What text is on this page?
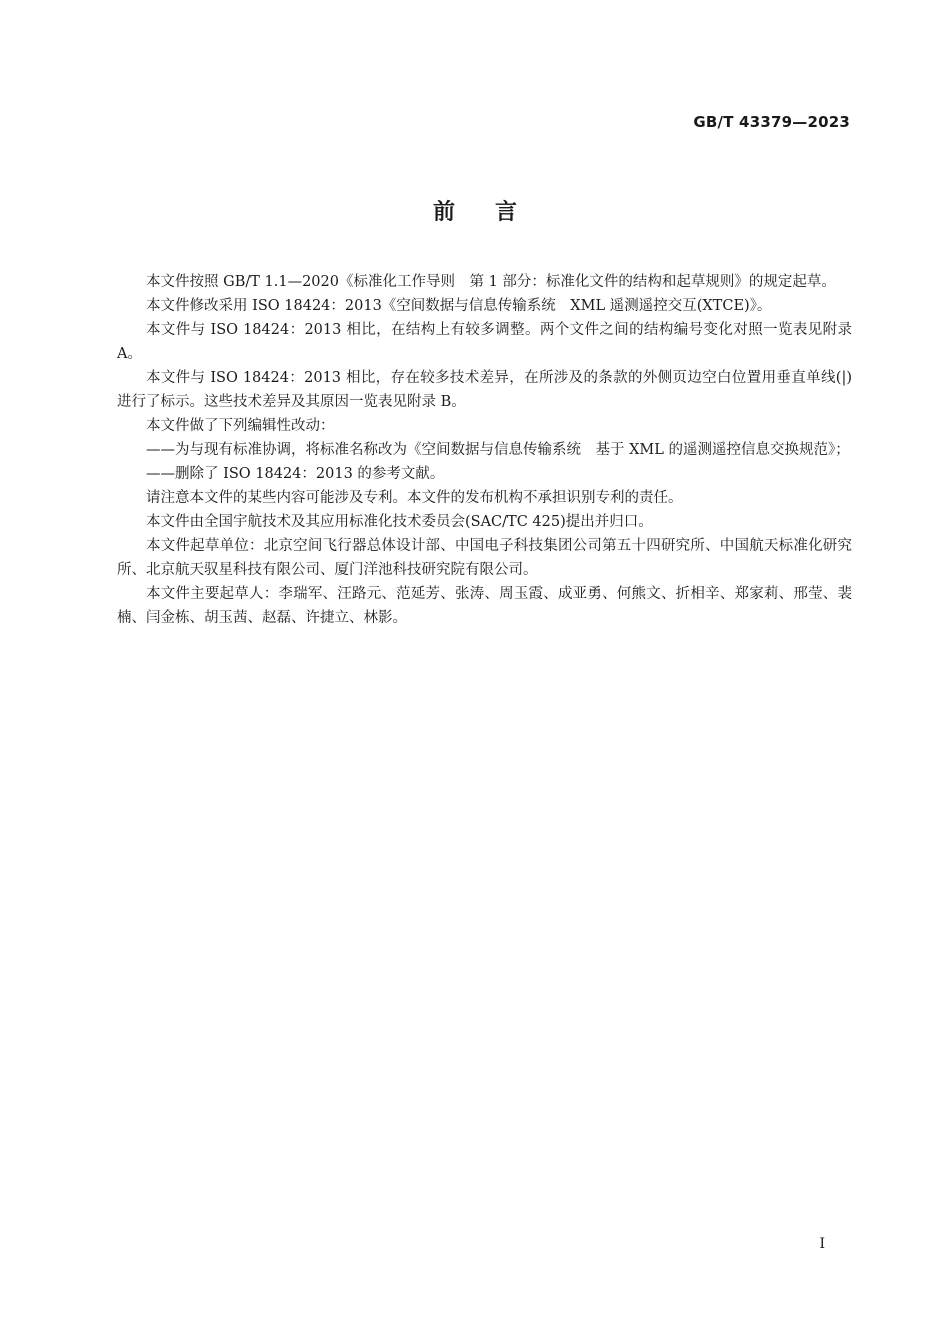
GB/T 43379—2023
前言

本文件按照 GB/T 1.1—2020《标准化工作导则　第 1 部分：标准化文件的结构和起草规则》的规定起草。

本文件修改采用 ISO 18424：2013《空间数据与信息传输系统　XML 遥测遥控交互(XTCE)》。

本文件与 ISO 18424：2013 相比，在结构上有较多调整。两个文件之间的结构编号变化对照一览表见附录 A。

本文件与 ISO 18424：2013 相比，存在较多技术差异，在所涉及的条款的外侧页边空白位置用垂直单线(|)进行了标示。这些技术差异及其原因一览表见附录 B。

本文件做了下列编辑性改动：

——为与现有标准协调，将标准名称改为《空间数据与信息传输系统　基于 XML 的遥测遥控信息交换规范》；

——删除了 ISO 18424：2013 的参考文献。

请注意本文件的某些内容可能涉及专利。本文件的发布机构不承担识别专利的责任。

本文件由全国宇航技术及其应用标准化技术委员会(SAC/TC 425)提出并归口。

本文件起草单位：北京空间飞行器总体设计部、中国电子科技集团公司第五十四研究所、中国航天标准化研究所、北京航天驭星科技有限公司、厦门洋池科技研究院有限公司。

本文件主要起草人：李瑞军、汪路元、范延芳、张涛、周玉霞、成亚勇、何熊文、折相辛、郑家莉、邢莹、裴楠、闫金栋、胡玉茜、赵磊、许捷立、林影。

I
